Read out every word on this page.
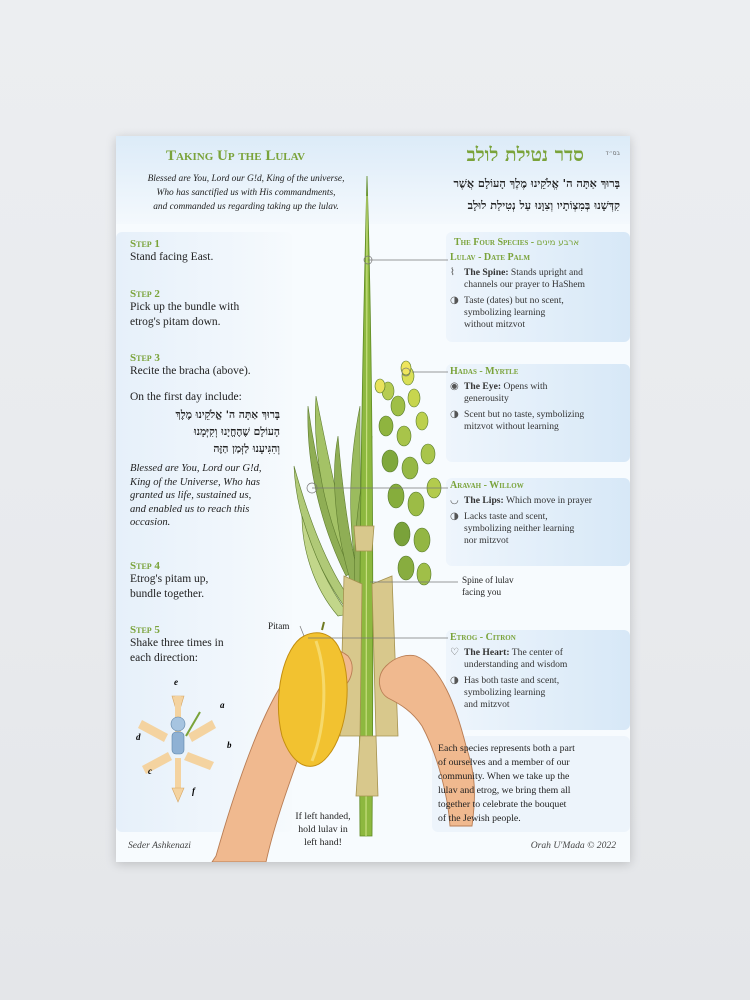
Taking Up the Lulav	סדר נטילת לולב	בס״ד
Blessed are You, Lord our G!d, King of the universe,
Who has sanctified us with His commandments,
and commanded us regarding taking up the lulav.
בָּרוּךְ אַתָּה ה' אֱלֹקֵינוּ מֶלֶךְ הָעוֹלָם אֲשֶׁר
קִדְּשָׁנוּ בְּמִצְוֹתָיו וְצִוָּנוּ עַל נְטִילַת לוּלָב
Step 1
Stand facing East.
Step 2
Pick up the bundle with
etrog's pitam down.
Step 3
Recite the bracha (above).
On the first day include:
בָּרוּךְ אַתָּה ה' אֱלֹקֵינוּ מֶלֶךְ
הָעוֹלָם שֶׁהֶחֱיָנוּ וְקִיְּמָנוּ
וְהִגִּיעָנוּ לַזְּמַן הַזֶּה
Blessed are You, Lord our G!d,
King of the Universe, Who has
granted us life, sustained us,
and enabled us to reach this
occasion.
Step 4
Etrog's pitam up,
bundle together.
Step 5
Shake three times in
each direction:
e
a
b
d
c
f
The Four Species - ארבע מינים
Lulav - Date Palm
⌇ The Spine: Stands upright and
channels our prayer to HaShem
◑ Taste (dates) but no scent,
symbolizing learning
without mitzvot
Hadas - Myrtle
◉ The Eye: Opens with
generousity
◑ Scent but no taste, symbolizing
mitzvot without learning
Aravah - Willow
◡ The Lips: Which move in prayer
◑ Lacks taste and scent,
symbolizing neither learning
nor mitzvot
Etrog - Citron
♡ The Heart: The center of
understanding and wisdom
◑ Has both taste and scent,
symbolizing learning
and mitzvot
Spine of lulav
facing you
Pitam
If left handed,
hold lulav in
left hand!
Each species represents both a part
of ourselves and a member of our
community. When we take up the
lulav and etrog, we bring them all
together to celebrate the bouquet
of the Jewish people.
Seder Ashkenazi	Orah U'Mada © 2022
